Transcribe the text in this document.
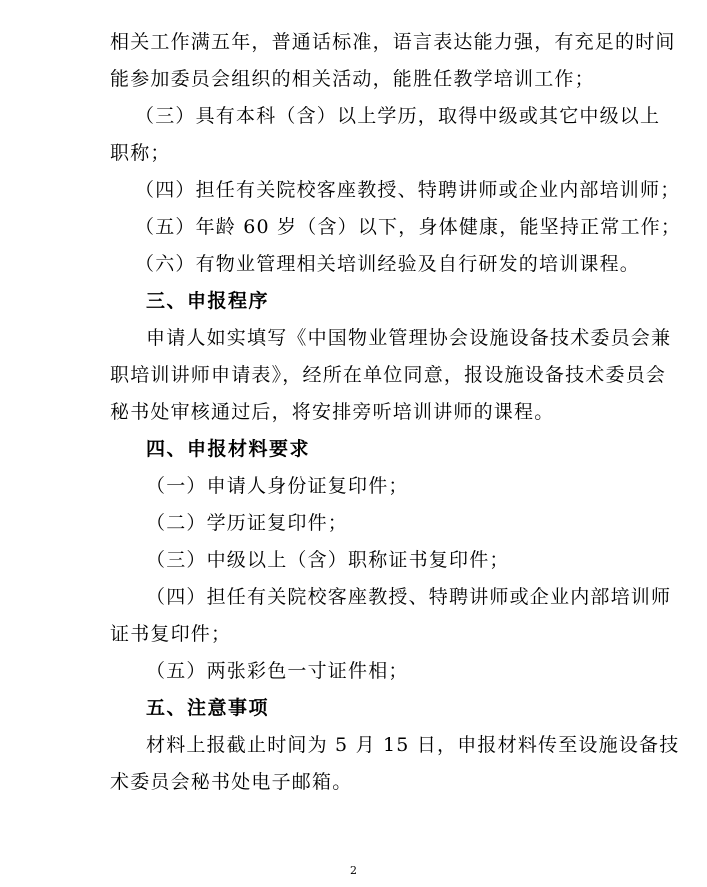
相关工作满五年，普通话标准，语言表达能力强，有充足的时间
能参加委员会组织的相关活动，能胜任教学培训工作；
（三）具有本科（含）以上学历，取得中级或其它中级以上
职称；
（四）担任有关院校客座教授、特聘讲师或企业内部培训师；
（五）年龄 60 岁（含）以下，身体健康，能坚持正常工作；
（六）有物业管理相关培训经验及自行研发的培训课程。
三、申报程序
申请人如实填写《中国物业管理协会设施设备技术委员会兼
职培训讲师申请表》，经所在单位同意，报设施设备技术委员会
秘书处审核通过后，将安排旁听培训讲师的课程。
四、申报材料要求
（一）申请人身份证复印件；
（二）学历证复印件；
（三）中级以上（含）职称证书复印件；
（四）担任有关院校客座教授、特聘讲师或企业内部培训师
证书复印件；
（五）两张彩色一寸证件相；
五、注意事项
材料上报截止时间为 5 月 15 日，申报材料传至设施设备技
术委员会秘书处电子邮箱。
2
